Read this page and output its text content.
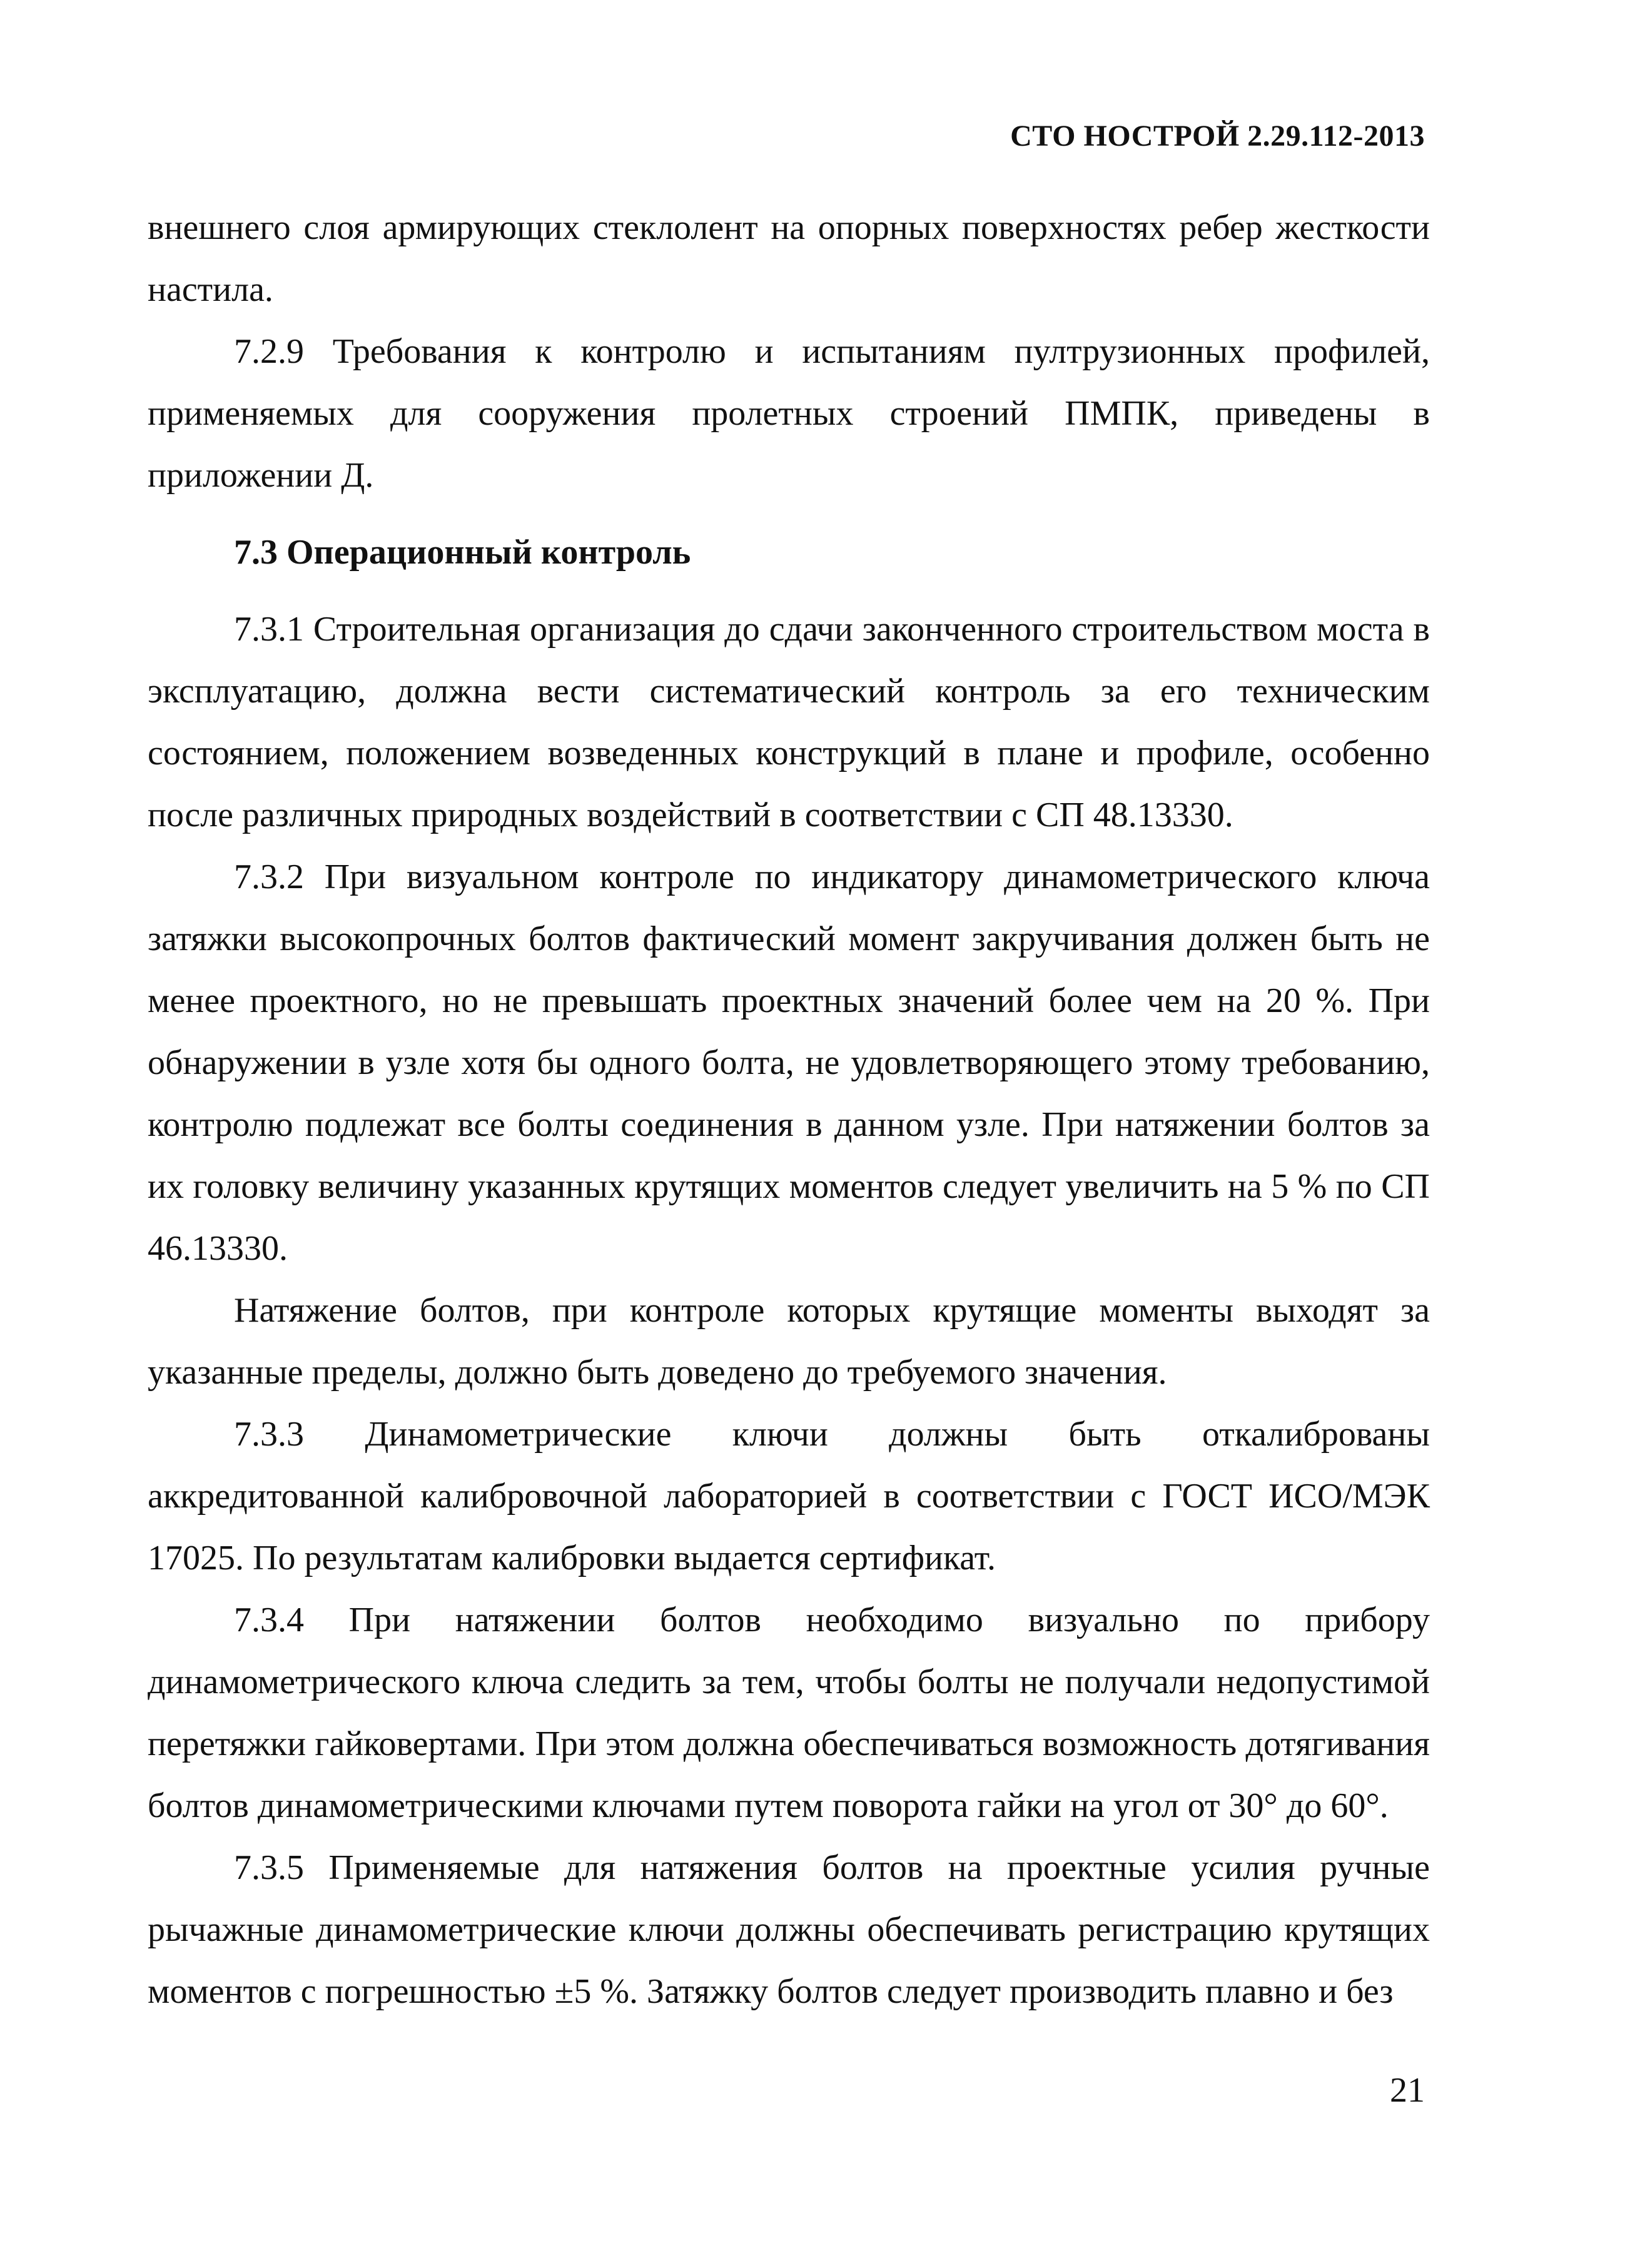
СТО НОСТРОЙ 2.29.112-2013

внешнего слоя армирующих стеклолент на опорных поверхностях ребер жесткости настила.

7.2.9 Требования к контролю и испытаниям пултрузионных профилей, применяемых для сооружения пролетных строений ПМПК, приведены в приложении Д.

7.3 Операционный контроль

7.3.1 Строительная организация до сдачи законченного строительством моста в эксплуатацию, должна вести систематический контроль за его техническим состоянием, положением возведенных конструкций в плане и профиле, особенно после различных природных воздействий в соответствии с СП 48.13330.

7.3.2 При визуальном контроле по индикатору динамометрического ключа затяжки высокопрочных болтов фактический момент закручивания должен быть не менее проектного, но не превышать проектных значений более чем на 20 %. При обнаружении в узле хотя бы одного болта, не удовлетворяющего этому требованию, контролю подлежат все болты соединения в данном узле. При натяжении болтов за их головку величину указанных крутящих моментов следует увеличить на 5 % по СП 46.13330.

Натяжение болтов, при контроле которых крутящие моменты выходят за указанные пределы, должно быть доведено до требуемого значения.

7.3.3 Динамометрические ключи должны быть откалиброваны аккредитованной калибровочной лабораторией в соответствии с ГОСТ ИСО/МЭК 17025. По результатам калибровки выдается сертификат.

7.3.4 При натяжении болтов необходимо визуально по прибору динамометрического ключа следить за тем, чтобы болты не получали недопустимой перетяжки гайковертами. При этом должна обеспечиваться возможность дотягивания болтов динамометрическими ключами путем поворота гайки на угол от 30° до 60°.

7.3.5 Применяемые для натяжения болтов на проектные усилия ручные рычажные динамометрические ключи должны обеспечивать регистрацию крутящих моментов с погрешностью ±5 %. Затяжку болтов следует производить плавно и без

21
